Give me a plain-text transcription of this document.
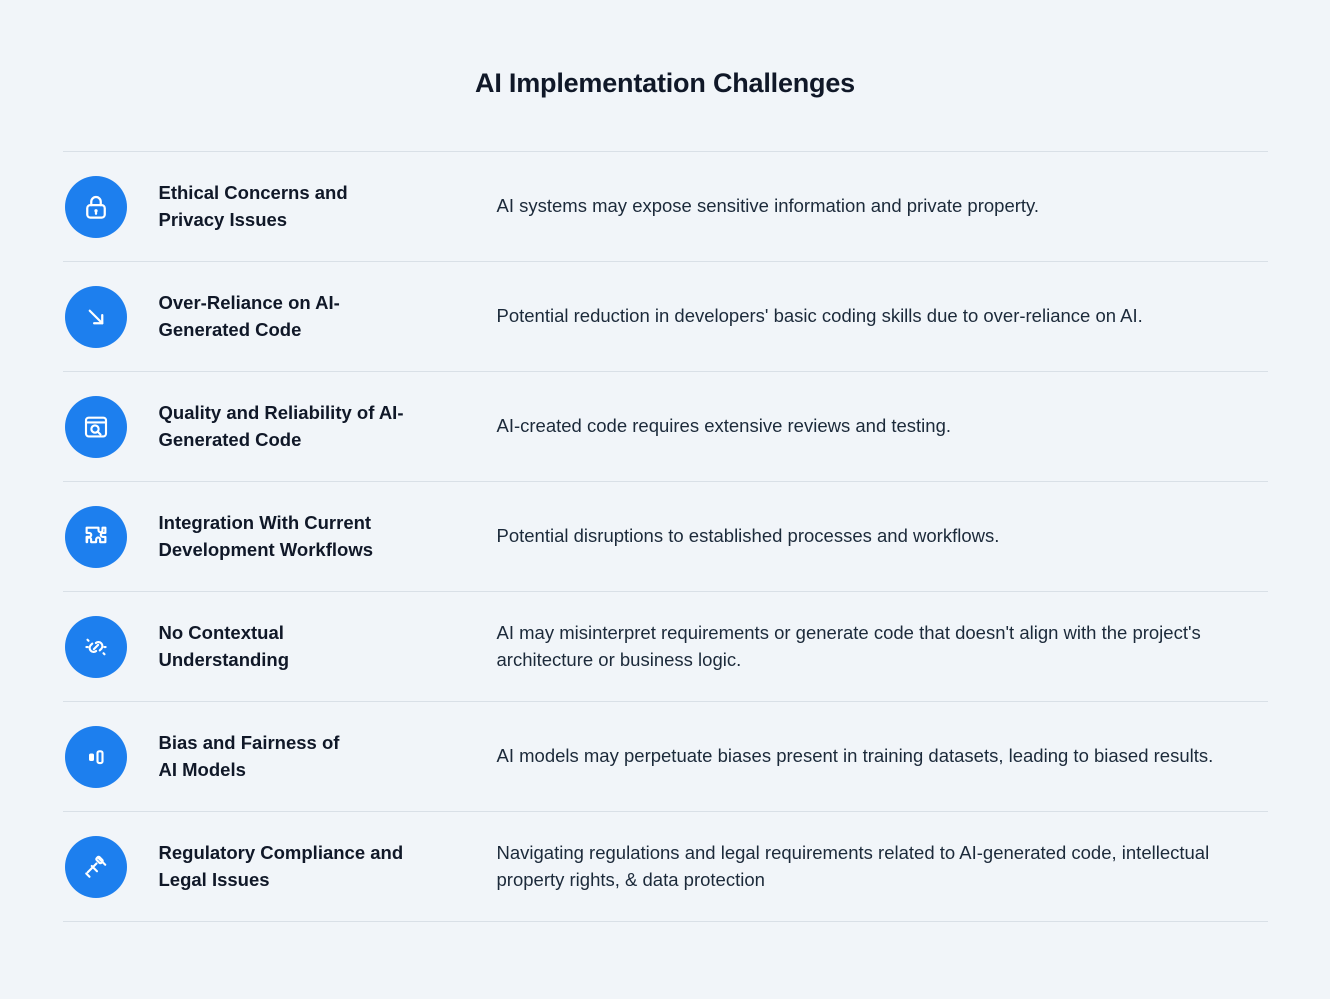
AI Implementation Challenges
Ethical Concerns and
Privacy Issues
AI systems may expose sensitive information and private property.
Over-Reliance on AI-
Generated Code
Potential reduction in developers' basic coding skills due to over-reliance on AI.
Quality and Reliability of AI-
Generated Code
AI-created code requires extensive reviews and testing.
Integration With Current
Development Workflows
Potential disruptions to established processes and workflows.
No Contextual
Understanding
AI may misinterpret requirements or generate code that doesn't align with the project's architecture or business logic.
Bias and Fairness of
AI Models
AI models may perpetuate biases present in training datasets, leading to biased results.
Regulatory Compliance and
Legal Issues
Navigating regulations and legal requirements related to AI-generated code, intellectual property rights, & data protection
